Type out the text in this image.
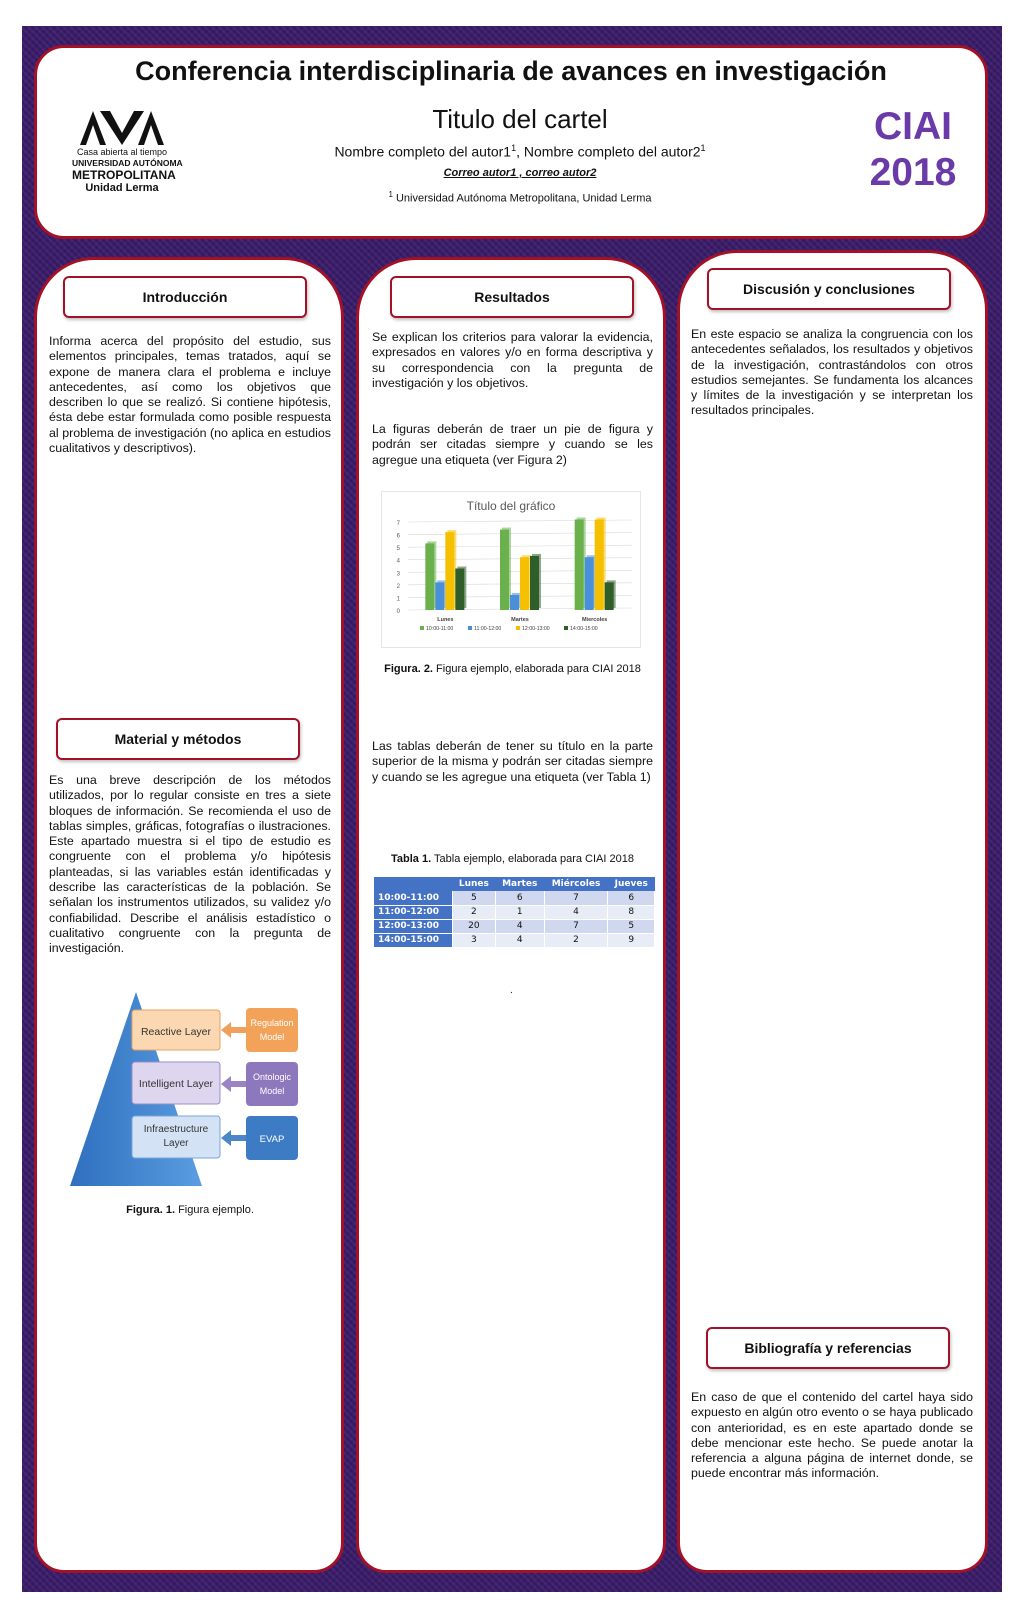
Conferencia interdisciplinaria de avances en investigación
Titulo del cartel
Nombre completo del $autor1^1$, Nombre completo del $autor2^1$
Correo autor1 , correo autor2
$^1$ Universidad Autónoma Metropolitana, Unidad Lerma
CIAI
2018
Casa abierta al tiempo
UNIVERSIDAD AUTÓNOMA
METROPOLITANA
Unidad Lerma
Introducción
Informa acerca del propósito del estudio, sus elementos principales, temas tratados, aquí se expone de manera clara el problema e incluye antecedentes, así como los objetivos que describen lo que se realizó. Si contiene hipótesis, ésta debe estar formulada como posible respuesta al problema de investigación (no aplica en estudios cualitativos y descriptivos).
Material y métodos
Es una breve descripción de los métodos utilizados, por lo regular consiste en tres a siete bloques de información. Se recomienda el uso de tablas simples, gráficas, fotografías o ilustraciones. Este apartado muestra si el tipo de estudio es congruente con el problema y/o hipótesis planteadas, si las variables están identificadas y describe las características de la población. Se señalan los instrumentos utilizados, su validez y/o confiabilidad. Describe el análisis estadístico o cualitativo congruente con la pregunta de investigación.
Reactive Layer
Intelligent Layer
Infraestructure
Layer
Regulation
Model
Ontologic
Model
EVAP
Figura. 1. Figura ejemplo.
Resultados
Se explican los criterios para valorar la evidencia, expresados en valores y/o en forma descriptiva y su correspondencia con la pregunta de investigación y los objetivos.
La figuras deberán de traer un pie de figura y podrán ser citadas siempre y cuando se les agregue una etiqueta (ver Figura 2)
Título del gráfico
0
1
2
3
4
5
6
7
Lunes	Martes	Miercoles
10:00-11:00	11:00-12:00	12:00-13:00	14:00-15:00
Figura. 2. Figura ejemplo, elaborada para CIAI 2018
Las tablas deberán de tener su título en la parte superior de la misma y podrán ser citadas siempre y cuando se les agregue una etiqueta (ver Tabla 1)
Tabla 1. Tabla ejemplo, elaborada para CIAI 2018
	Lunes	Martes	Miércoles	Jueves
10:00-11:00	5	6	7	6
11:00-12:00	2	1	4	8
12:00-13:00	20	4	7	5
14:00-15:00	3	4	2	9
.
Discusión y conclusiones
En este espacio se analiza la congruencia con los antecedentes señalados, los resultados y objetivos de la investigación, contrastándolos con otros estudios semejantes. Se fundamenta los alcances y límites de la investigación y se interpretan los resultados principales.
Bibliografía y referencias
En caso de que el contenido del cartel haya sido expuesto en algún otro evento o se haya publicado con anterioridad, es en este apartado donde se debe mencionar este hecho. Se puede anotar la referencia a alguna página de internet donde, se puede encontrar más información.
